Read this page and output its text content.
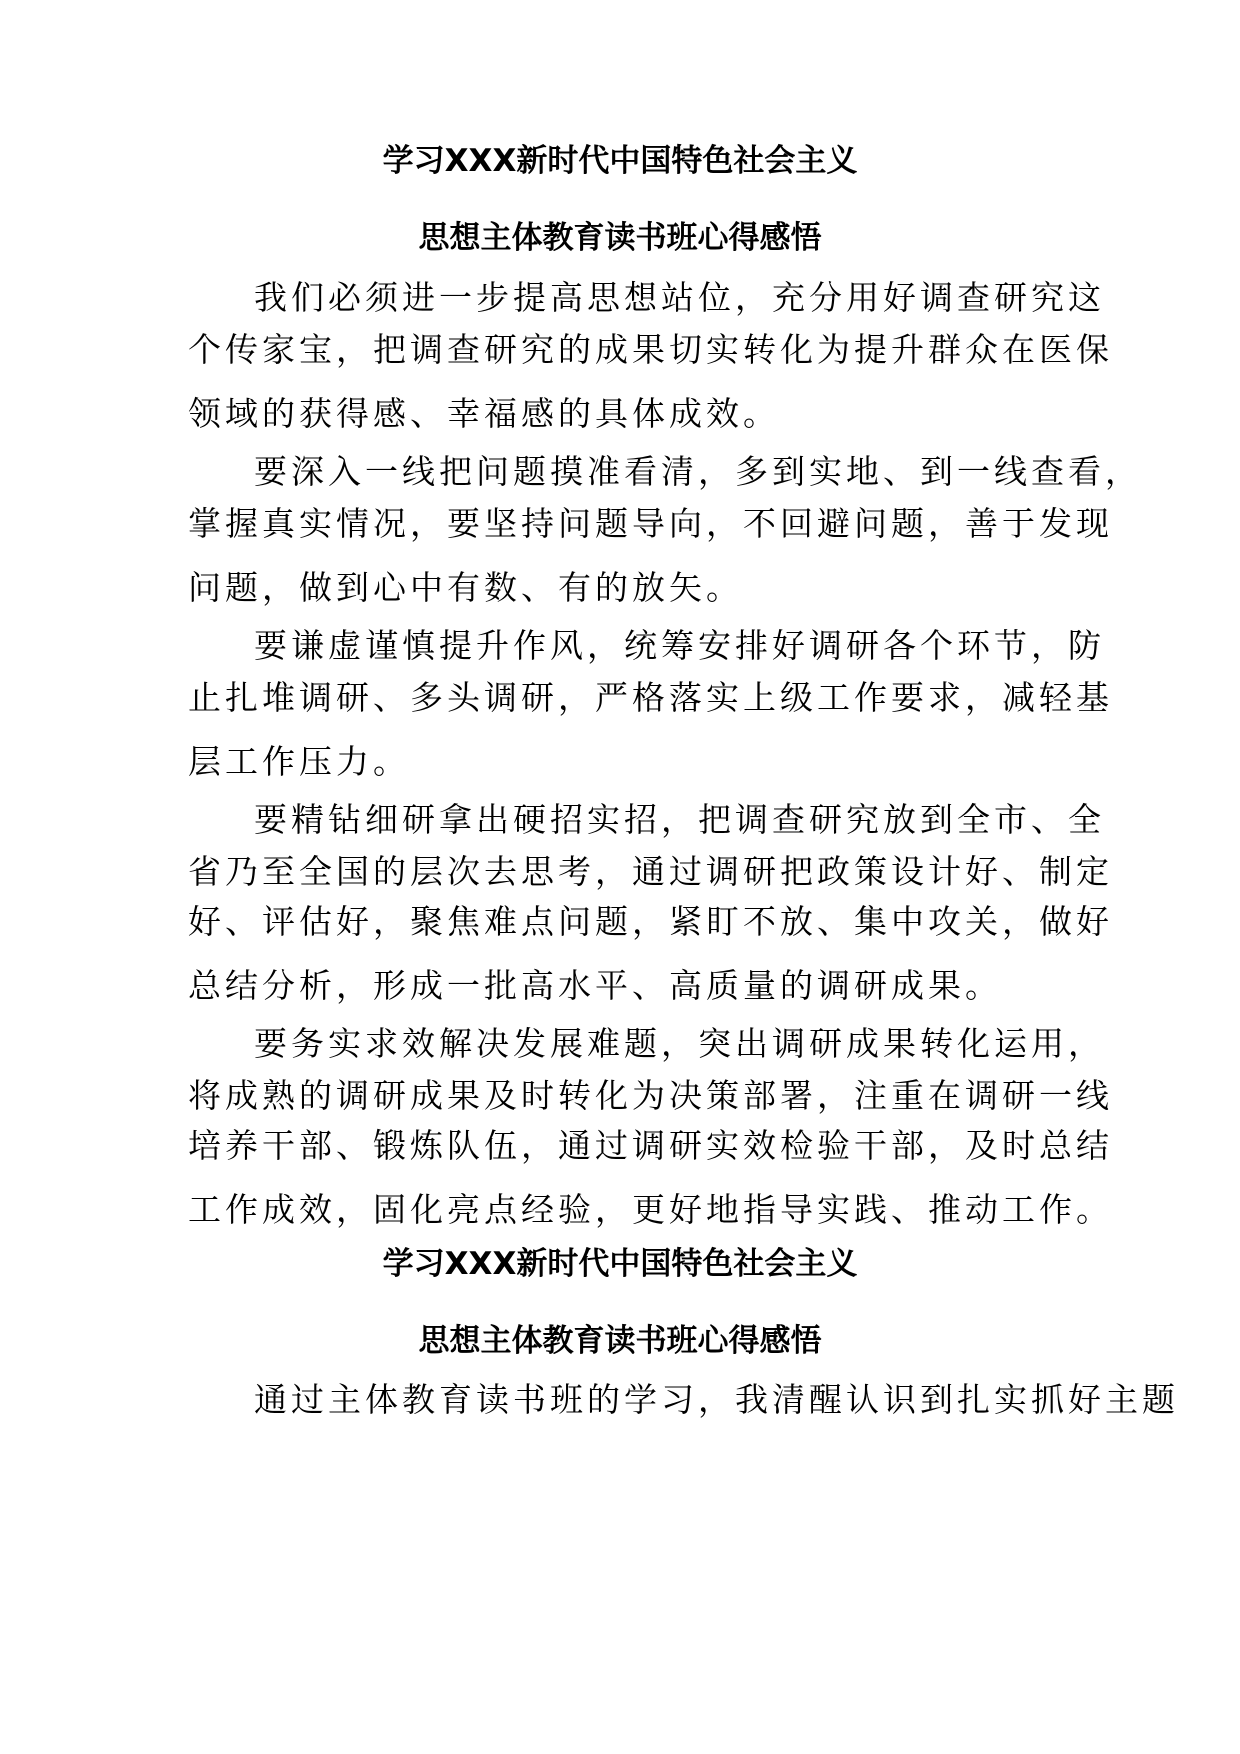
学习XXX新时代中国特色社会主义
思想主体教育读书班心得感悟
我们必须进一步提高思想站位，充分用好调查研究这
个传家宝，把调查研究的成果切实转化为提升群众在医保
领域的获得感、幸福感的具体成效。
要深入一线把问题摸准看清，多到实地、到一线查看，
掌握真实情况，要坚持问题导向，不回避问题，善于发现
问题，做到心中有数、有的放矢。
要谦虚谨慎提升作风，统筹安排好调研各个环节，防
止扎堆调研、多头调研，严格落实上级工作要求，减轻基
层工作压力。
要精钻细研拿出硬招实招，把调查研究放到全市、全
省乃至全国的层次去思考，通过调研把政策设计好、制定
好、评估好，聚焦难点问题，紧盯不放、集中攻关，做好
总结分析，形成一批高水平、高质量的调研成果。
要务实求效解决发展难题，突出调研成果转化运用，
将成熟的调研成果及时转化为决策部署，注重在调研一线
培养干部、锻炼队伍，通过调研实效检验干部，及时总结
工作成效，固化亮点经验，更好地指导实践、推动工作。
学习XXX新时代中国特色社会主义
思想主体教育读书班心得感悟
通过主体教育读书班的学习，我清醒认识到扎实抓好主题
